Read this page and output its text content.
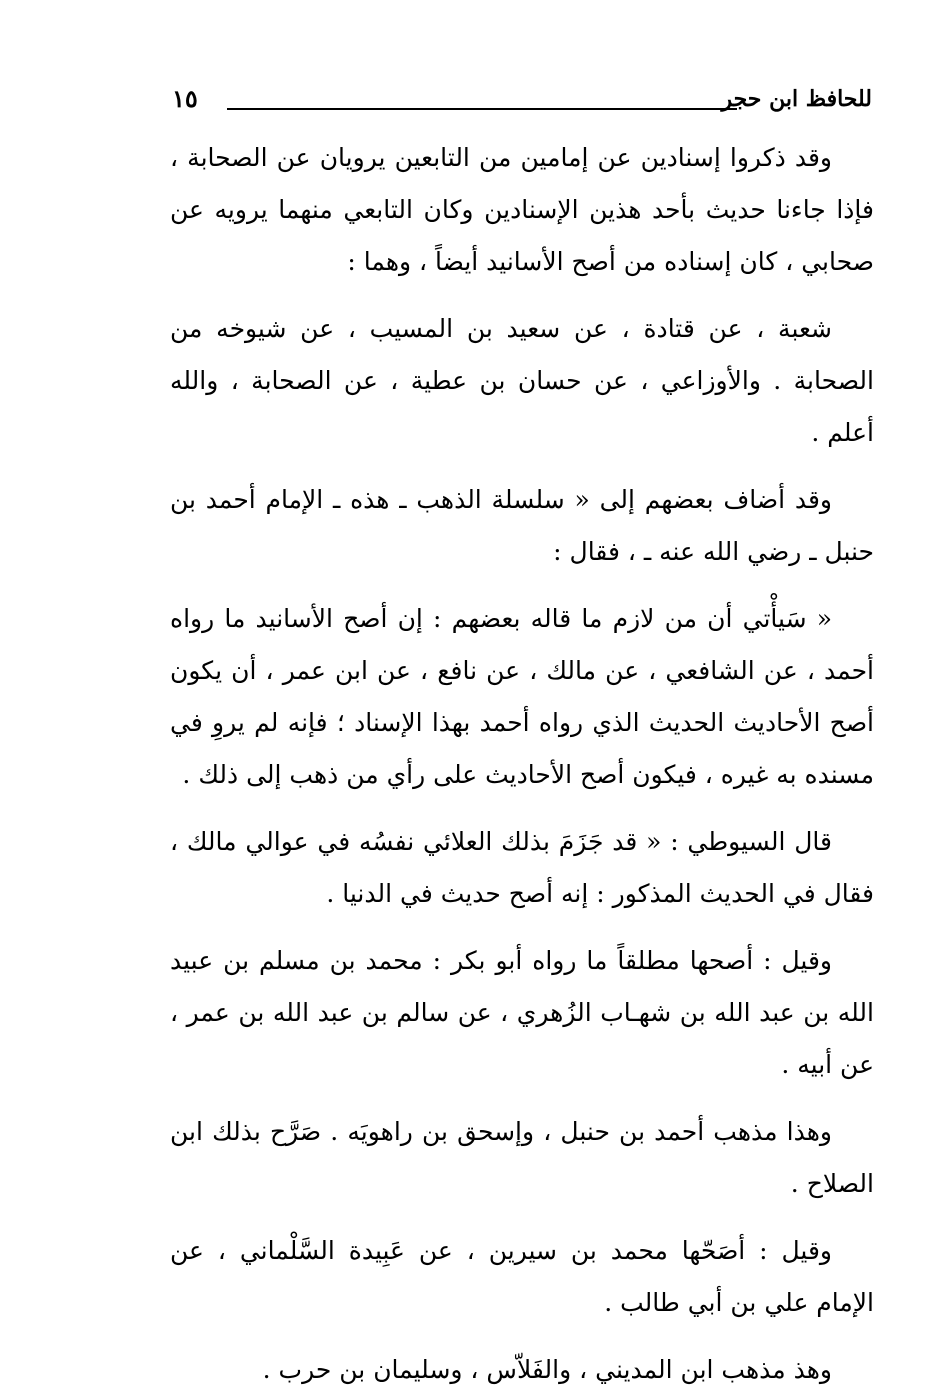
للحافظ ابن حجر
١٥

وقد ذكروا إسنادين عن إمامين من التابعين يرويان عن الصحابة ، فإذا جاءنا حديث بأحد هذين الإسنادين وكان التابعي منهما يرويه عن صحابي ، كان إسناده من أصح الأسانيد أيضاً ، وهما :

شعبة ، عن قتادة ، عن سعيد بن المسيب ، عن شيوخه من الصحابة . والأوزاعي ، عن حسان بن عطية ، عن الصحابة ، والله أعلم .

وقد أضاف بعضهم إلى « سلسلة الذهب ـ هذه ـ الإمام أحمد بن حنبل ـ رضي الله عنه ـ ، فقال :

« سَيأْتي أن من لازم ما قاله بعضهم : إن أصح الأسانيد ما رواه أحمد ، عن الشافعي ، عن مالك ، عن نافع ، عن ابن عمر ، أن يكون أصح الأحاديث الحديث الذي رواه أحمد بهذا الإسناد ؛ فإنه لم يروِ في مسنده به غيره ، فيكون أصح الأحاديث على رأي من ذهب إلى ذلك .

قال السيوطي : « قد جَزَمَ بذلك العلائي نفسُه في عوالي مالك ، فقال في الحديث المذكور : إنه أصح حديث في الدنيا .

وقيل : أصحها مطلقاً ما رواه أبو بكر : محمد بن مسلم بن عبيد الله بن عبد الله بن شهـاب الزُهري ، عن سالم بن عبد الله بن عمر ، عن أبيه .

وهذا مذهب أحمد بن حنبل ، وإسحق بن راهويَه . صَرَّح بذلك ابن الصلاح .

وقيل : أصَحّها محمد بن سيرين ، عن عَبِيدة السَّلْماني ، عن الإمام علي بن أبي طالب .

وهذ مذهب ابن المديني ، والفَلاّس ، وسليمان بن حرب .
